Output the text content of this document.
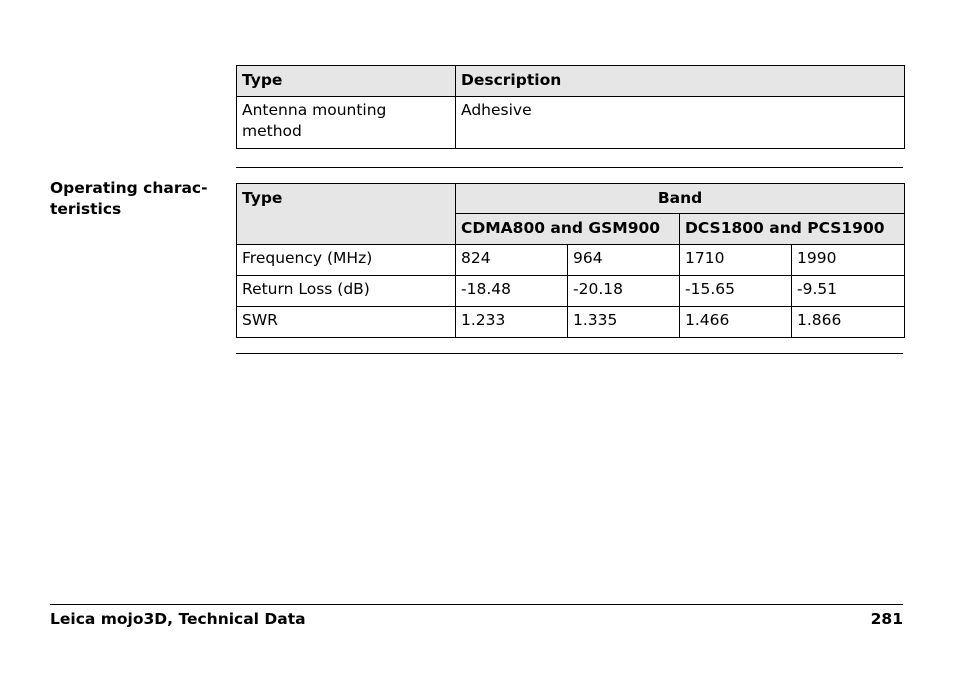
Type	Description
Antenna mounting method	Adhesive
Operating charac-teristics
Type	Band			
	CDMA800 and GSM900		DCS1800 and PCS1900	
Frequency (MHz)	824	964	1710	1990
Return Loss (dB)	-18.48	-20.18	-15.65	-9.51
SWR	1.233	1.335	1.466	1.866
Leica mojo3D, Technical Data	281
